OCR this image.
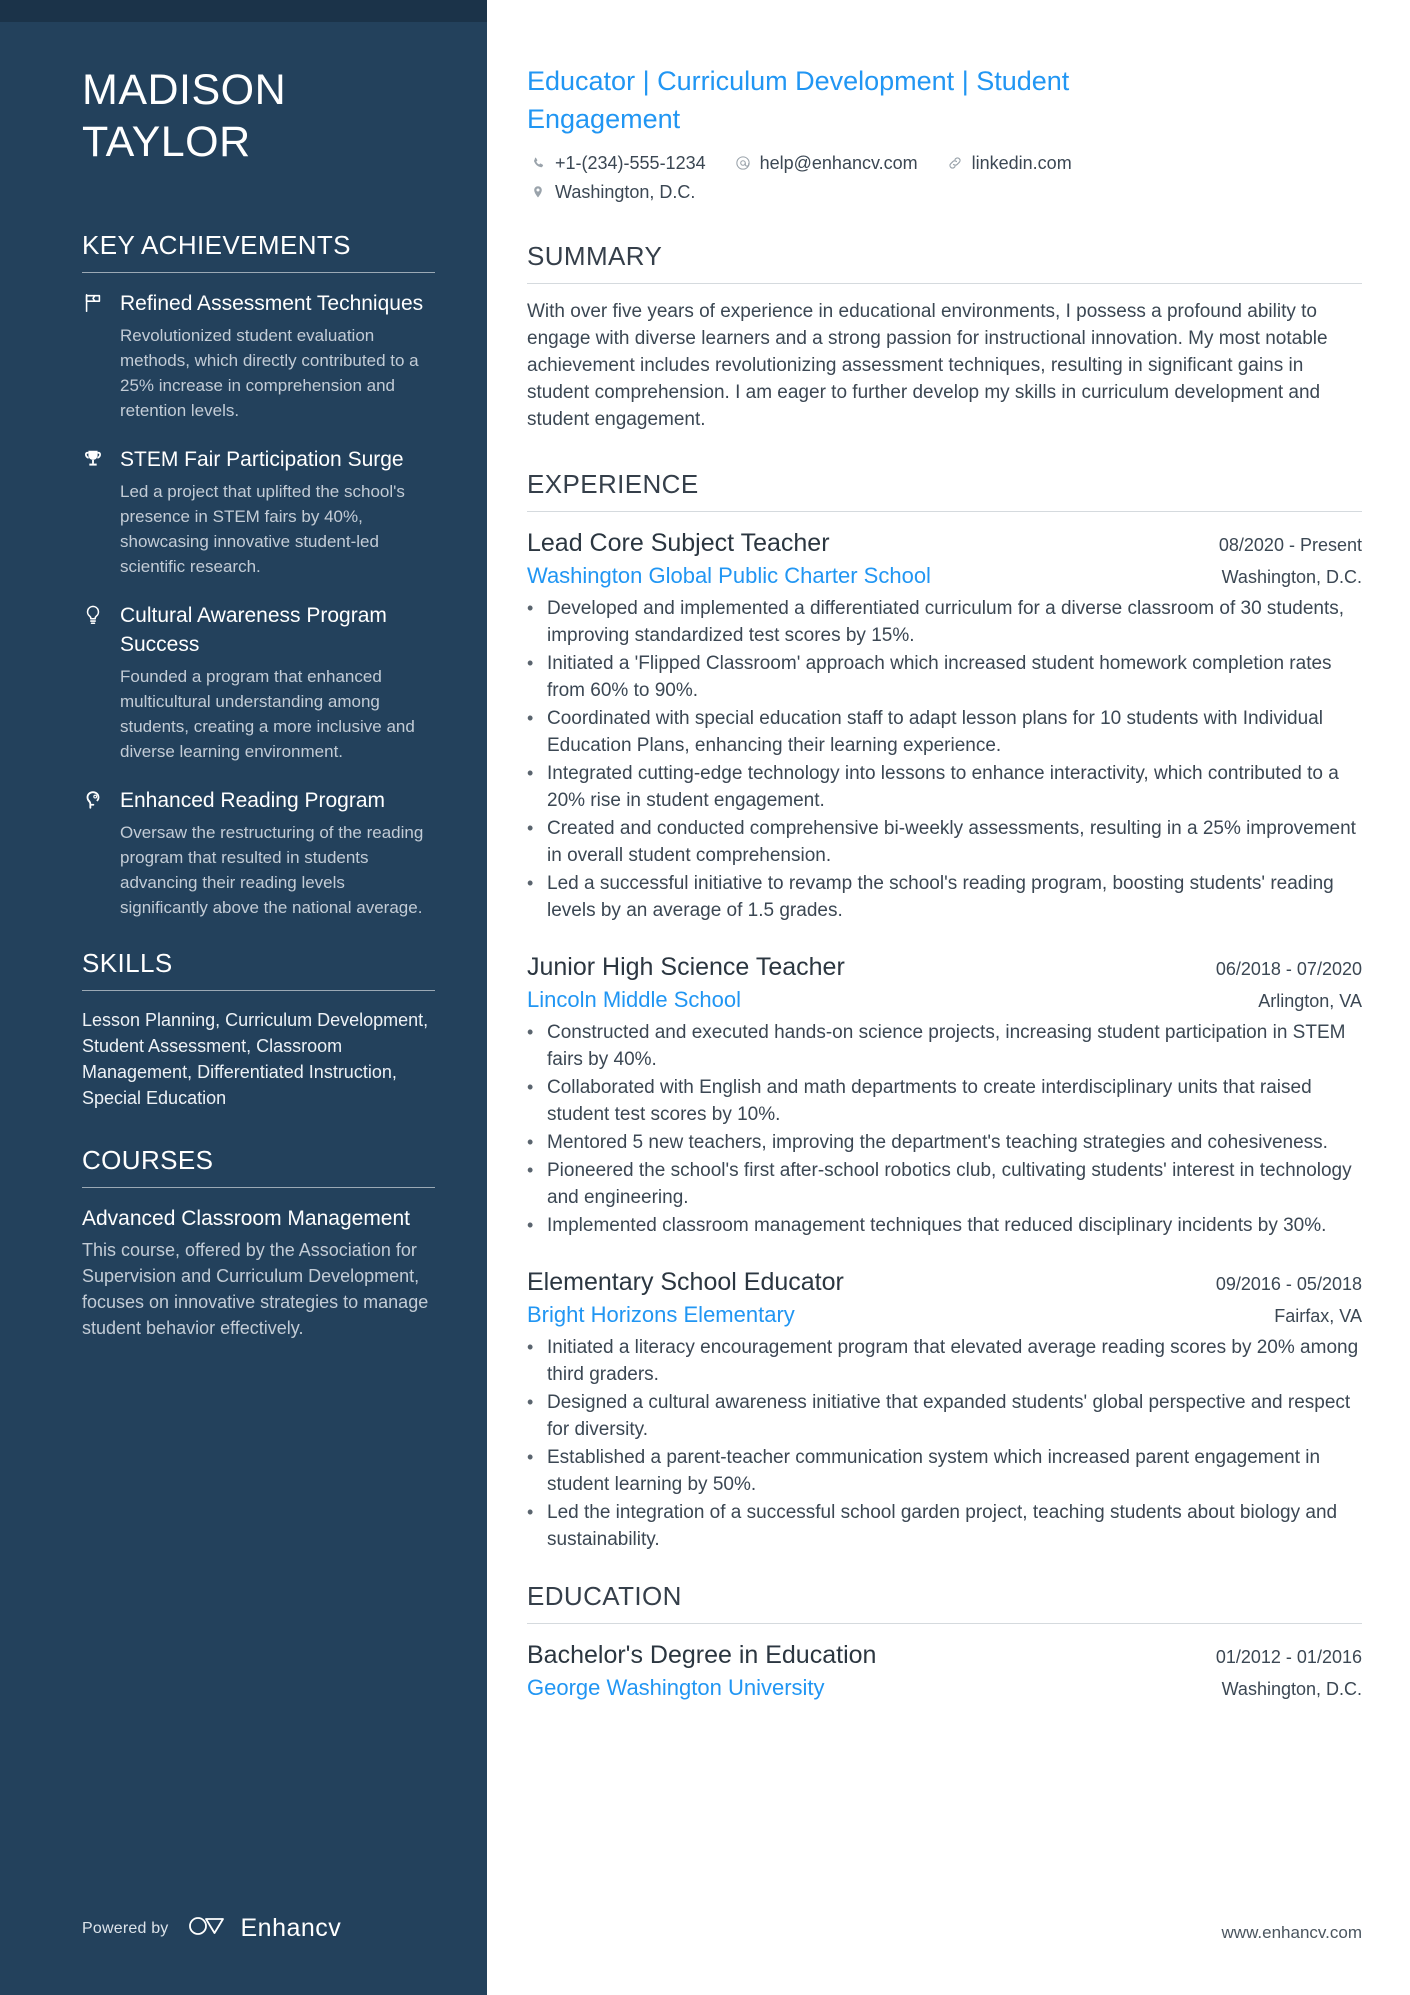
MADISON
TAYLOR
KEY ACHIEVEMENTS
Refined Assessment Techniques
Revolutionized student evaluation methods, which directly contributed to a 25% increase in comprehension and retention levels.
STEM Fair Participation Surge
Led a project that uplifted the school's presence in STEM fairs by 40%, showcasing innovative student-led scientific research.
Cultural Awareness Program Success
Founded a program that enhanced multicultural understanding among students, creating a more inclusive and diverse learning environment.
Enhanced Reading Program
Oversaw the restructuring of the reading program that resulted in students advancing their reading levels significantly above the national average.
SKILLS
Lesson Planning, Curriculum Development, Student Assessment, Classroom Management, Differentiated Instruction, Special Education
COURSES
Advanced Classroom Management
This course, offered by the Association for Supervision and Curriculum Development, focuses on innovative strategies to manage student behavior effectively.
Powered by	Enhancv
Educator | Curriculum Development | Student Engagement
+1-(234)-555-1234	help@enhancv.com	linkedin.com
Washington, D.C.
SUMMARY

With over five years of experience in educational environments, I possess a profound ability to engage with diverse learners and a strong passion for instructional innovation. My most notable achievement includes revolutionizing assessment techniques, resulting in significant gains in student comprehension. I am eager to further develop my skills in curriculum development and student engagement.

EXPERIENCE
Lead Core Subject Teacher	08/2020 - Present
Washington Global Public Charter School	Washington, D.C.
• Developed and implemented a differentiated curriculum for a diverse classroom of 30 students, improving standardized test scores by 15%.
• Initiated a 'Flipped Classroom' approach which increased student homework completion rates from 60% to 90%.
• Coordinated with special education staff to adapt lesson plans for 10 students with Individual Education Plans, enhancing their learning experience.
• Integrated cutting-edge technology into lessons to enhance interactivity, which contributed to a 20% rise in student engagement.
• Created and conducted comprehensive bi-weekly assessments, resulting in a 25% improvement in overall student comprehension.
• Led a successful initiative to revamp the school's reading program, boosting students' reading levels by an average of 1.5 grades.
Junior High Science Teacher	06/2018 - 07/2020
Lincoln Middle School	Arlington, VA
• Constructed and executed hands-on science projects, increasing student participation in STEM fairs by 40%.
• Collaborated with English and math departments to create interdisciplinary units that raised student test scores by 10%.
• Mentored 5 new teachers, improving the department's teaching strategies and cohesiveness.
• Pioneered the school's first after-school robotics club, cultivating students' interest in technology and engineering.
• Implemented classroom management techniques that reduced disciplinary incidents by 30%.
Elementary School Educator	09/2016 - 05/2018
Bright Horizons Elementary	Fairfax, VA
• Initiated a literacy encouragement program that elevated average reading scores by 20% among third graders.
• Designed a cultural awareness initiative that expanded students' global perspective and respect for diversity.
• Established a parent-teacher communication system which increased parent engagement in student learning by 50%.
• Led the integration of a successful school garden project, teaching students about biology and sustainability.
EDUCATION
Bachelor's Degree in Education	01/2012 - 01/2016
George Washington University	Washington, D.C.
www.enhancv.com
